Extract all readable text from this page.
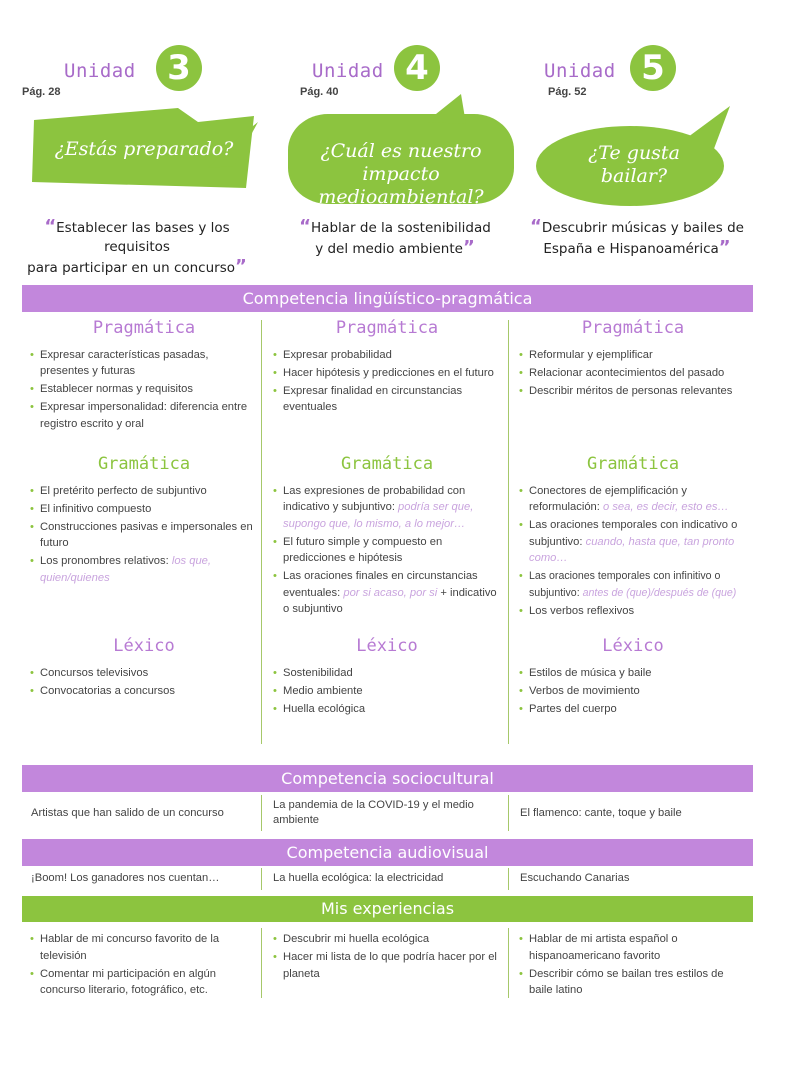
Unidad 3
Pág. 28
¿Estás preparado?
“Establecer las bases y los requisitos
para participar en un concurso”
Unidad 4
Pág. 40
¿Cuál es nuestro
impacto medioambiental?
“Hablar de la sostenibilidad
y del medio ambiente”
Unidad 5
Pág. 52
¿Te gusta
bailar?
“Descubrir músicas y bailes de
España e Hispanoamérica”
Competencia lingüístico-pragmática
Pragmática
• Expresar características pasadas, presentes y futuras
• Establecer normas y requisitos
• Expresar impersonalidad: diferencia entre registro escrito y oral
Gramática
• El pretérito perfecto de subjuntivo
• El infinitivo compuesto
• Construcciones pasivas e impersonales en futuro
• Los pronombres relativos: los que, quien/quienes
Léxico
• Concursos televisivos
• Convocatorias a concursos
Pragmática
• Expresar probabilidad
• Hacer hipótesis y predicciones en el futuro
• Expresar finalidad en circunstancias eventuales
Gramática
• Las expresiones de probabilidad con indicativo y subjuntivo: podría ser que, supongo que, lo mismo, a lo mejor…
• El futuro simple y compuesto en predicciones e hipótesis
• Las oraciones finales en circunstancias eventuales: por si acaso, por si + indicativo o subjuntivo
Léxico
• Sostenibilidad
• Medio ambiente
• Huella ecológica
Pragmática
• Reformular y ejemplificar
• Relacionar acontecimientos del pasado
• Describir méritos de personas relevantes
Gramática
• Conectores de ejemplificación y reformulación: o sea, es decir, esto es…
• Las oraciones temporales con indicativo o subjuntivo: cuando, hasta que, tan pronto como…
• Las oraciones temporales con infinitivo o subjuntivo: antes de (que)/después de (que)
• Los verbos reflexivos
Léxico
• Estilos de música y baile
• Verbos de movimiento
• Partes del cuerpo
Competencia sociocultural
Artistas que han salido de un concurso
La pandemia de la COVID-19 y el medio ambiente
El flamenco: cante, toque y baile
Competencia audiovisual
¡Boom! Los ganadores nos cuentan…	La huella ecológica: la electricidad	Escuchando Canarias
Mis experiencias
• Hablar de mi concurso favorito de la televisión
• Comentar mi participación en algún concurso literario, fotográfico, etc.
• Descubrir mi huella ecológica
• Hacer mi lista de lo que podría hacer por el planeta
• Hablar de mi artista español o hispanoamericano favorito
• Describir cómo se bailan tres estilos de baile latino
